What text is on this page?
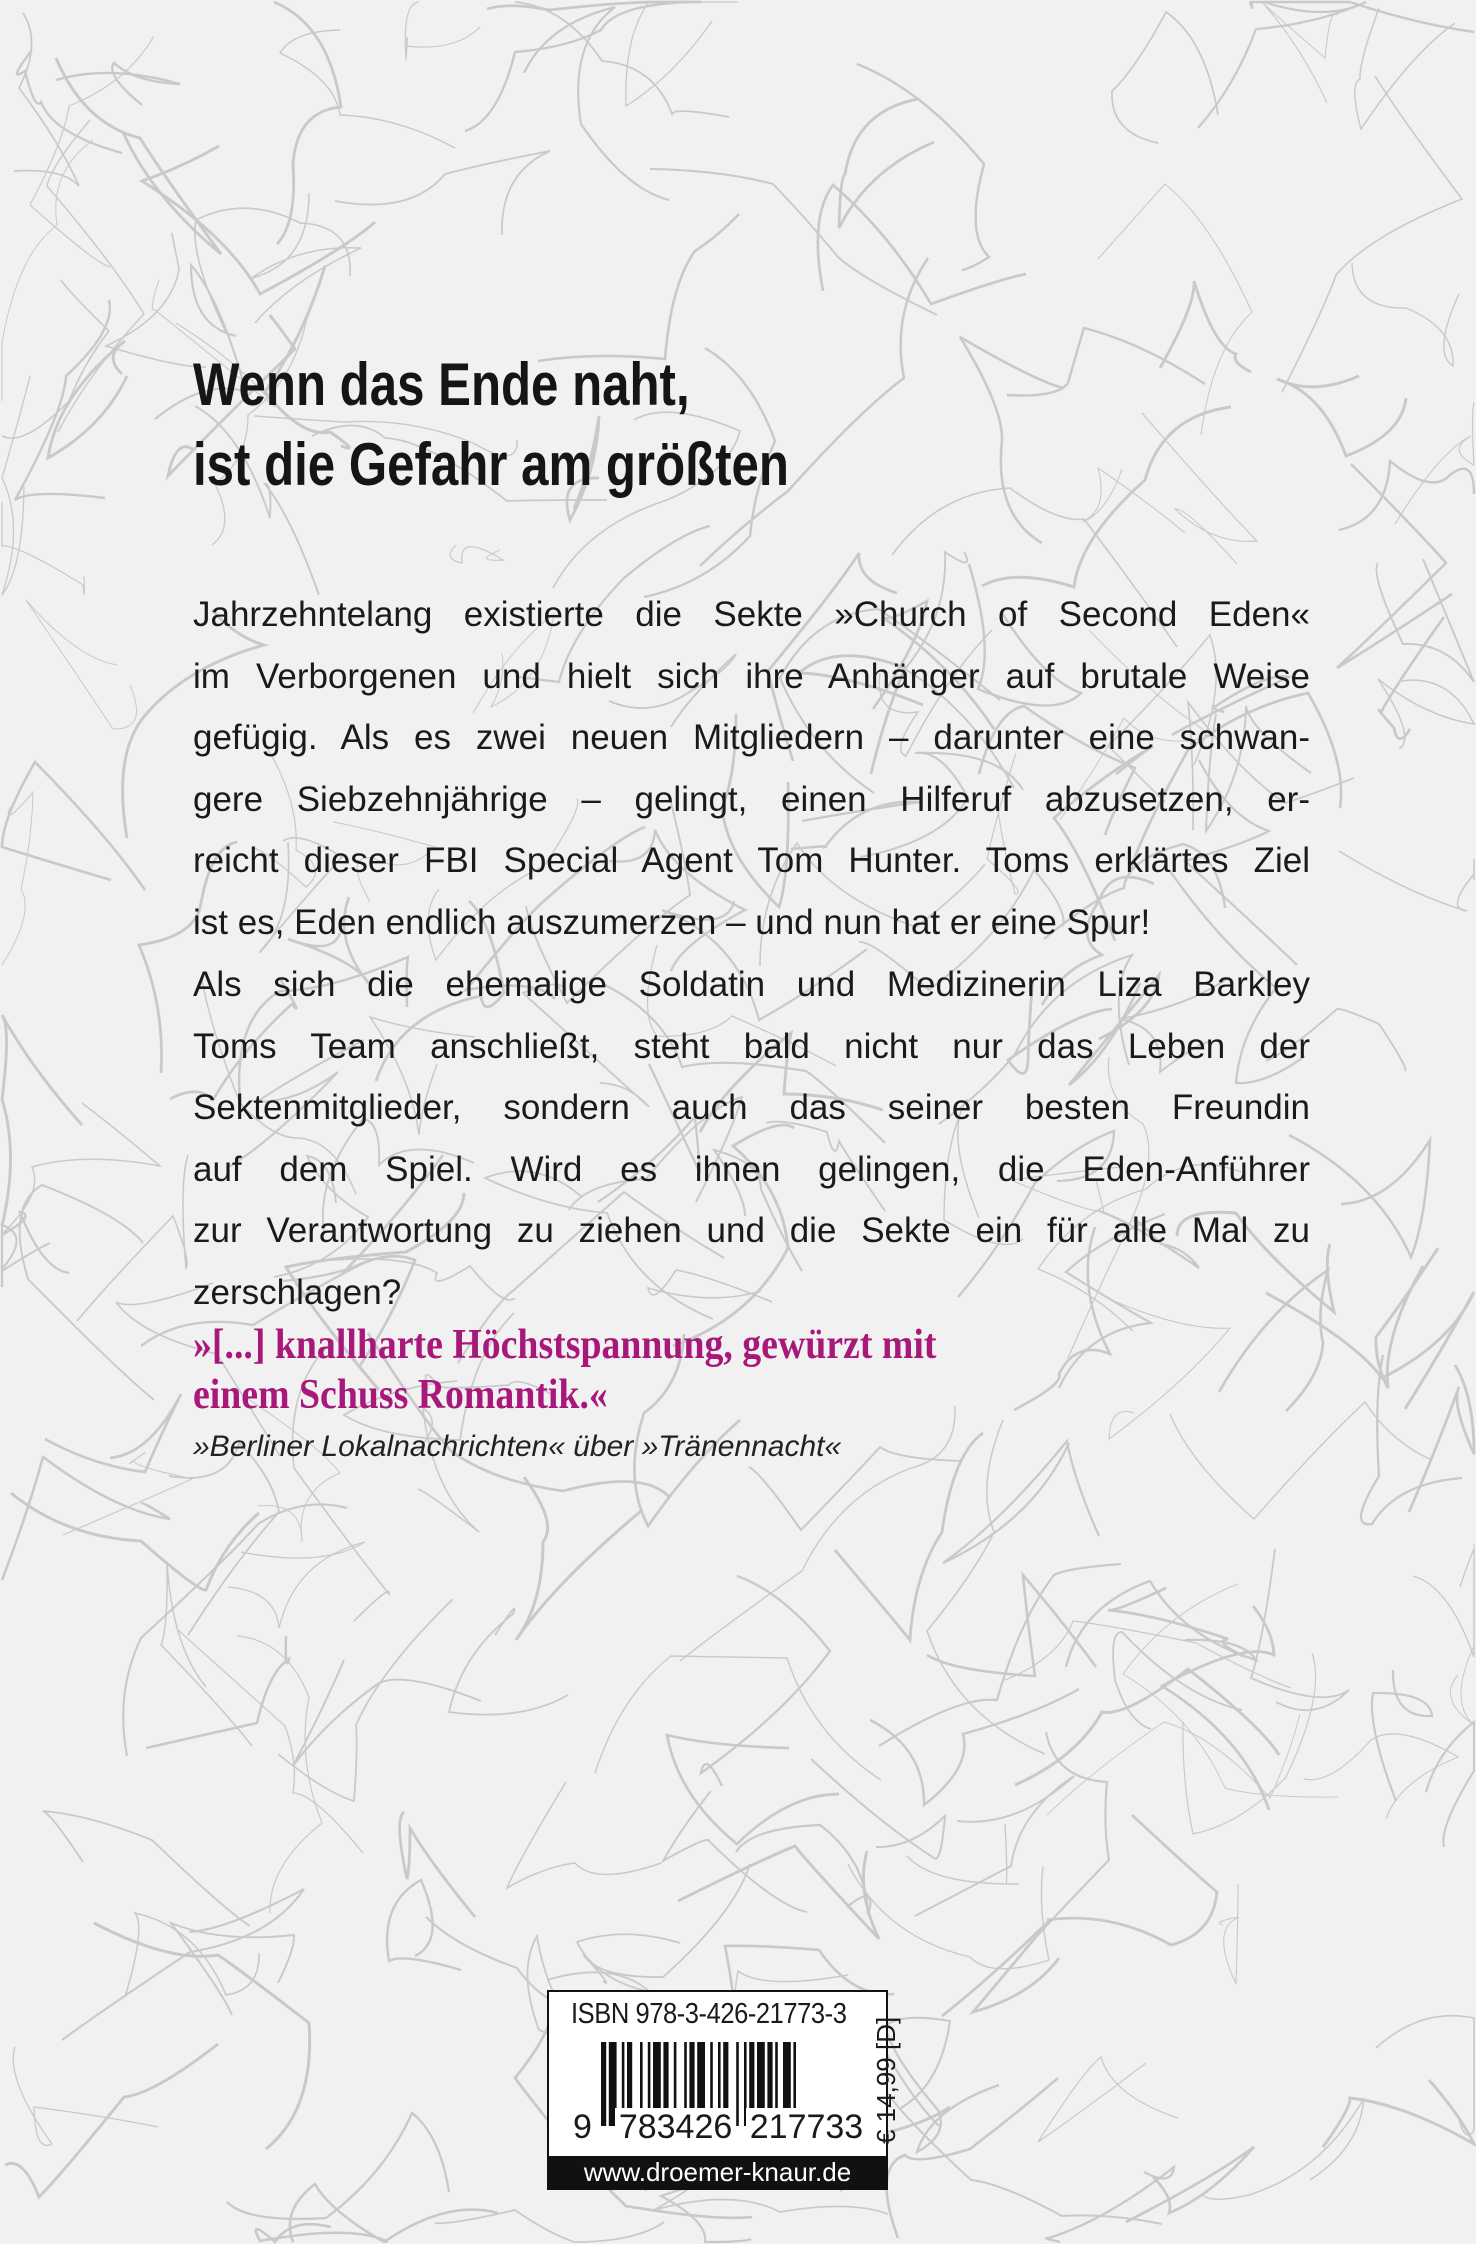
Wenn das Ende naht,
ist die Gefahr am größten
Jahrzehntelang existierte die Sekte »Church of Second Eden«
im Verborgenen und hielt sich ihre Anhänger auf brutale Weise
gefügig. Als es zwei neuen Mitgliedern – darunter eine schwan-
gere Siebzehnjährige – gelingt, einen Hilferuf abzusetzen, er-
reicht dieser FBI Special Agent Tom Hunter. Toms erklärtes Ziel
ist es, Eden endlich auszumerzen – und nun hat er eine Spur!
Als sich die ehemalige Soldatin und Medizinerin Liza Barkley
Toms Team anschließt, steht bald nicht nur das Leben der
Sektenmitglieder, sondern auch das seiner besten Freundin
auf dem Spiel. Wird es ihnen gelingen, die Eden-Anführer
zur Verantwortung zu ziehen und die Sekte ein für alle Mal zu
zerschlagen?
»[...] knallharte Höchstspannung, gewürzt mit
einem Schuss Romantik.«
»Berliner Lokalnachrichten« über »Tränennacht«
ISBN 978-3-426-21773-3
9 783426 217733 € 14,99 [D]
www.droemer-knaur.de
